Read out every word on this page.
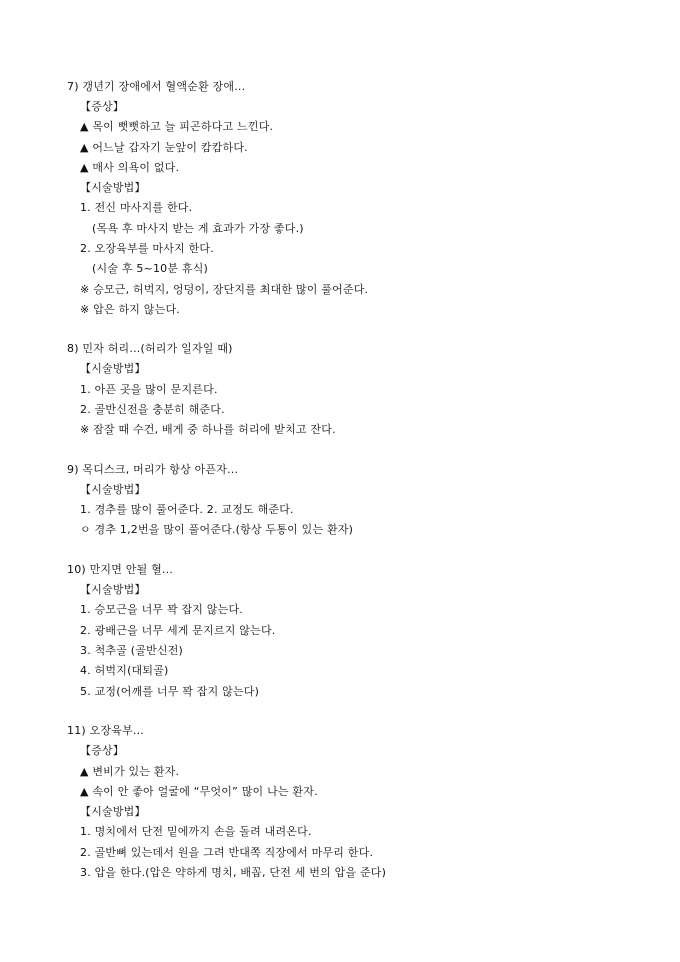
7) 갱년기 장애에서 혈액순환 장애...
【증상】
▲ 목이 뻣뻣하고 늘 피곤하다고 느낀다.
▲ 어느날 갑자기 눈앞이 캄캄하다.
▲ 매사 의욕이 없다.
【시술방법】
1. 전신 마사지를 한다.
(목욕 후 마사지 받는 게 효과가 가장 좋다.)
2. 오장육부를 마사지 한다.
(시술 후 5~10분 휴식)
※ 승모근, 허벅지, 엉덩이, 장단지를 최대한 많이 풀어준다.
※ 압은 하지 않는다.
8) 민자 허리...(허리가 일자일 때)
【시술방법】
1. 아픈 곳을 많이 문지른다.
2. 골반신전을 충분히 해준다.
※ 잠잘 때 수건, 배게 중 하나를 허리에 받치고 잔다.
9) 목디스크, 머리가 항상 아픈자...
【시술방법】
1. 경추를 많이 풀어준다. 2. 교정도 해준다.
ㅇ 경추 1,2번을 많이 풀어준다.(항상 두통이 있는 환자)
10) 만지면 안될 혈...
【시술방법】
1. 승모근을 너무 꽉 잡지 않는다.
2. 광배근을 너무 세게 문지르지 않는다.
3. 척추골 (골반신전)
4. 허벅지(대퇴골)
5. 교정(어깨를 너무 꽉 잡지 않는다)
11) 오장육부...
【증상】
▲ 변비가 있는 환자.
▲ 속이 안 좋아 얼굴에 “무엇이” 많이 나는 환자.
【시술방법】
1. 명치에서 단전 밑에까지 손을 돌려 내려온다.
2. 골반뼈 있는데서 원을 그려 반대쪽 직장에서 마무리 한다.
3. 압을 한다.(압은 약하게 명치, 배꼽, 단전 세 번의 압을 준다)
